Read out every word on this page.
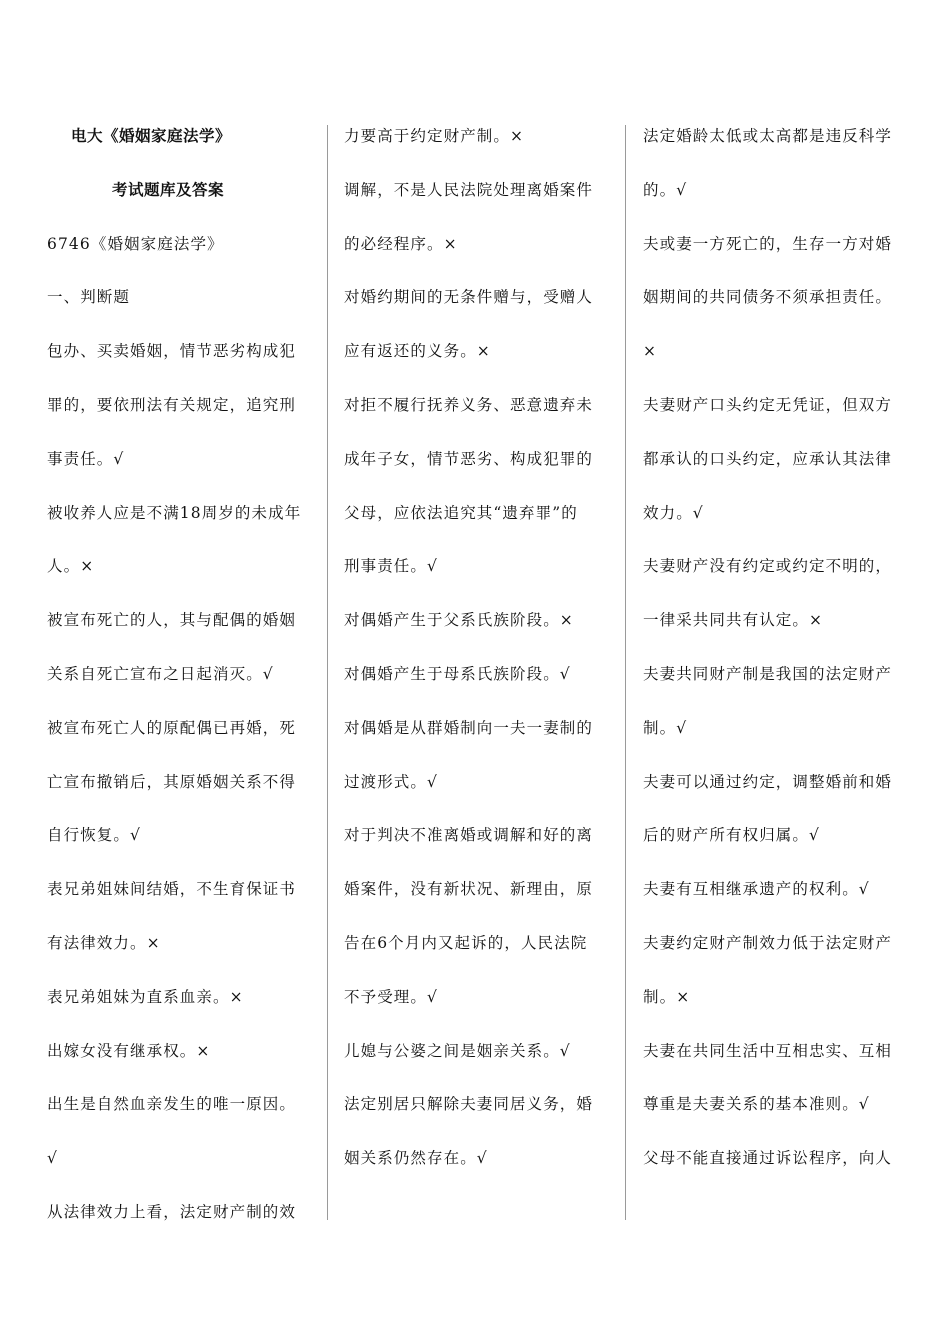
电大《婚姻家庭法学》
考试题库及答案
6746《婚姻家庭法学》
一、判断题
包办、买卖婚姻，情节恶劣构成犯
罪的，要依刑法有关规定，追究刑
事责任。√
被收养人应是不满18周岁的未成年
人。×
被宣布死亡的人，其与配偶的婚姻
关系自死亡宣布之日起消灭。√
被宣布死亡人的原配偶已再婚，死
亡宣布撤销后，其原婚姻关系不得
自行恢复。√
表兄弟姐妹间结婚，不生育保证书
有法律效力。×
表兄弟姐妹为直系血亲。×
出嫁女没有继承权。×
出生是自然血亲发生的唯一原因。
√
从法律效力上看，法定财产制的效
力要高于约定财产制。×
调解，不是人民法院处理离婚案件
的必经程序。×
对婚约期间的无条件赠与，受赠人
应有返还的义务。×
对拒不履行抚养义务、恶意遗弃未
成年子女，情节恶劣、构成犯罪的
父母，应依法追究其“遗弃罪”的
刑事责任。√
对偶婚产生于父系氏族阶段。×
对偶婚产生于母系氏族阶段。√
对偶婚是从群婚制向一夫一妻制的
过渡形式。√
对于判决不准离婚或调解和好的离
婚案件，没有新状况、新理由，原
告在6个月内又起诉的，人民法院
不予受理。√
儿媳与公婆之间是姻亲关系。√
法定别居只解除夫妻同居义务，婚
姻关系仍然存在。√
法定婚龄太低或太高都是违反科学
的。√
夫或妻一方死亡的，生存一方对婚
姻期间的共同债务不须承担责任。
×
夫妻财产口头约定无凭证，但双方
都承认的口头约定，应承认其法律
效力。√
夫妻财产没有约定或约定不明的，
一律采共同共有认定。×
夫妻共同财产制是我国的法定财产
制。√
夫妻可以通过约定，调整婚前和婚
后的财产所有权归属。√
夫妻有互相继承遗产的权利。√
夫妻约定财产制效力低于法定财产
制。×
夫妻在共同生活中互相忠实、互相
尊重是夫妻关系的基本准则。√
父母不能直接通过诉讼程序，向人
